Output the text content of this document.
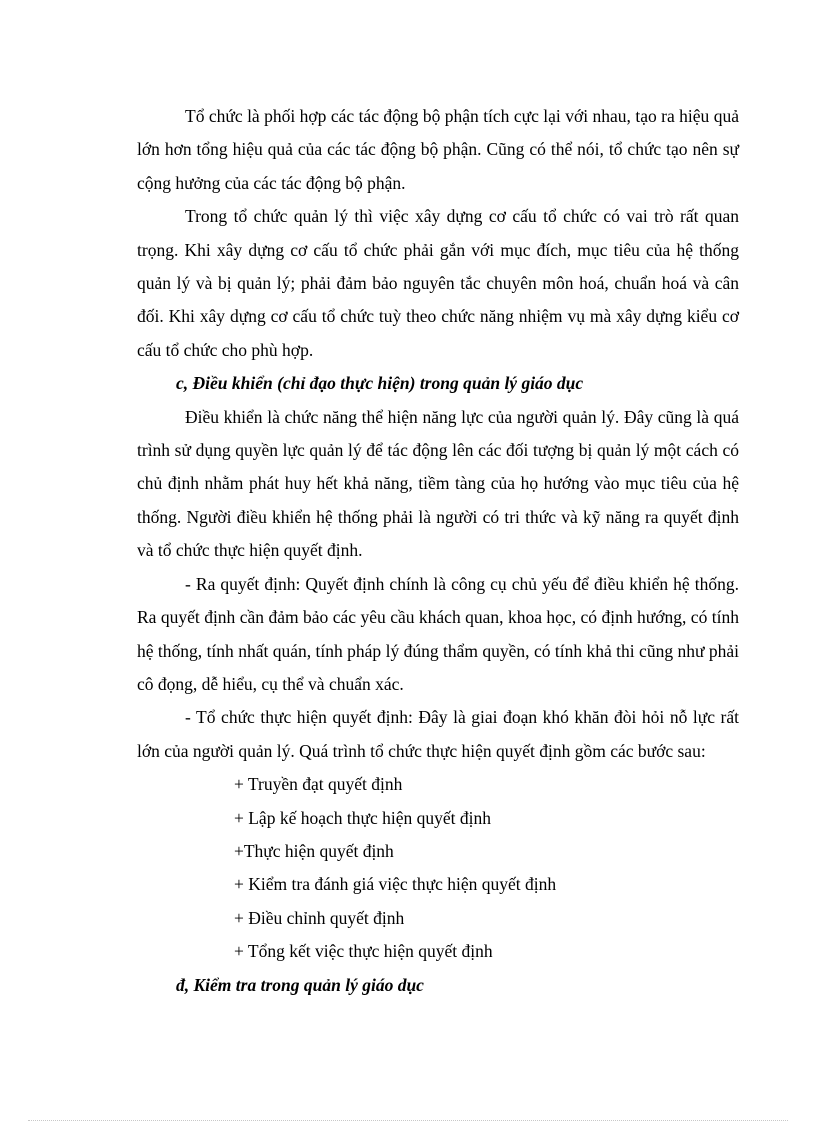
Tổ chức là phối hợp các tác động bộ phận tích cực lại với nhau, tạo ra hiệu quả lớn hơn tổng hiệu quả của các tác động bộ phận. Cũng có thể nói, tổ chức tạo nên sự cộng hưởng của các tác động bộ phận.

Trong tổ chức quản lý thì việc xây dựng cơ cấu tổ chức có vai trò rất quan trọng. Khi xây dựng cơ cấu tổ chức phải gắn với mục đích, mục tiêu của hệ thống quản lý và bị quản lý; phải đảm bảo nguyên tắc chuyên môn hoá, chuẩn hoá và cân đối. Khi xây dựng cơ cấu tổ chức tuỳ theo chức năng nhiệm vụ mà xây dựng kiểu cơ cấu tổ chức cho phù hợp.

c, Điều khiển (chỉ đạo thực hiện) trong quản lý giáo dục

Điều khiển là chức năng thể hiện năng lực của người quản lý. Đây cũng là quá trình sử dụng quyền lực quản lý để tác động lên các đối tượng bị quản lý một cách có chủ định nhằm phát huy hết khả năng, tiềm tàng của họ hướng vào mục tiêu của hệ thống. Người điều khiển hệ thống phải là người có tri thức và kỹ năng ra quyết định và tổ chức thực hiện quyết định.

- Ra quyết định: Quyết định chính là công cụ chủ yếu để điều khiển hệ thống. Ra quyết định cần đảm bảo các yêu cầu khách quan, khoa học, có định hướng, có tính hệ thống, tính nhất quán, tính pháp lý đúng thẩm quyền, có tính khả thi cũng như phải cô đọng, dễ hiểu, cụ thể và chuẩn xác.

- Tổ chức thực hiện quyết định: Đây là giai đoạn khó khăn đòi hỏi nỗ lực rất lớn của người quản lý. Quá trình tổ chức thực hiện quyết định gồm các bước sau:

+ Truyền đạt quyết định
+ Lập kế hoạch thực hiện quyết định
+Thực hiện quyết định
+ Kiểm tra đánh giá việc thực hiện quyết định
+ Điều chỉnh quyết định
+ Tổng kết việc thực hiện quyết định

đ, Kiểm tra trong quản lý giáo dục
